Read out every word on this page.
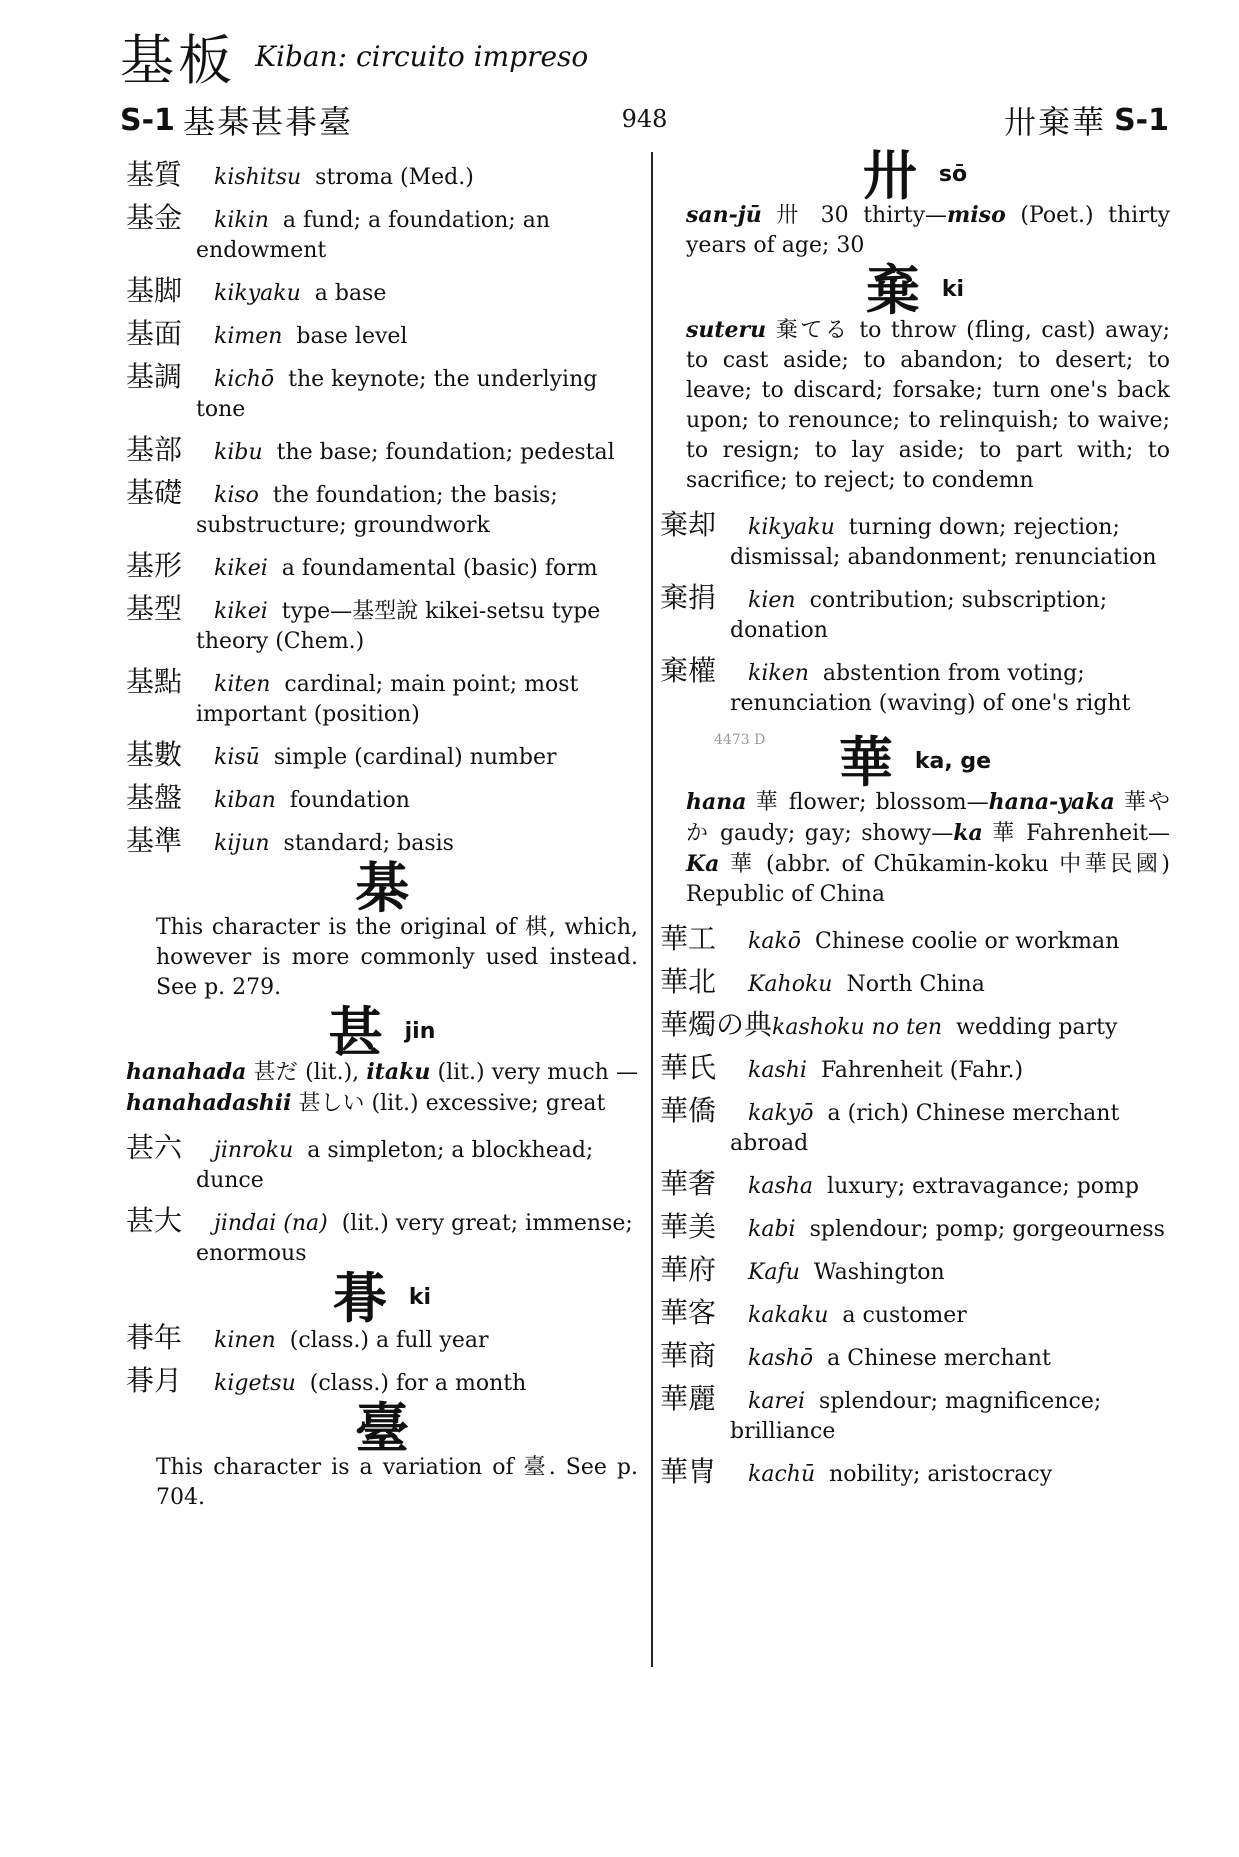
基板 Kiban: circuito impreso
S-1 基棊甚朞臺	948	卅棄華 S-1
基質 kishitsu stroma (Med.)
基金 kikin a fund; a foundation; an endowment
基脚 kikyaku a base
基面 kimen base level
基調 kichō the keynote; the underlying tone
基部 kibu the base; foundation; pedestal
基礎 kiso the foundation; the basis; substructure; groundwork
基形 kikei a foundamental (basic) form
基型 kikei type—基型說 kikei-setsu type theory (Chem.)
基點 kiten cardinal; main point; most important (position)
基數 kisū simple (cardinal) number
基盤 kiban foundation
基準 kijun standard; basis
棊
This character is the original of 棋, which, however is more commonly used instead. See p. 279.
甚 jin
hanahada 甚だ (lit.), itaku (lit.) very much — hanahadashii 甚しい (lit.) excessive; great
甚六 jinroku a simpleton; a blockhead; dunce
甚大 jindai (na) (lit.) very great; immense; enormous
朞 ki
朞年 kinen (class.) a full year
朞月 kigetsu (class.) for a month
臺
This character is a variation of 臺. See p. 704.
卅 sō
san-jū 卅 30 thirty—miso (Poet.) thirty years of age; 30
棄 ki
suteru 棄てる to throw (fling, cast) away; to cast aside; to abandon; to desert; to leave; to discard; forsake; turn one's back upon; to renounce; to relinquish; to waive; to resign; to lay aside; to part with; to sacrifice; to reject; to condemn
棄却 kikyaku turning down; rejection; dismissal; abandonment; renunciation
棄捐 kien contribution; subscription; donation
棄權 kiken abstention from voting; renunciation (waving) of one's right
4473 D	華 ka, ge
hana 華 flower; blossom—hana-yaka 華やか gaudy; gay; showy—ka 華 Fahrenheit—Ka 華 (abbr. of Chūkamin-koku 中華民國) Republic of China
華工 kakō Chinese coolie or workman
華北 Kahoku North China
華燭の典kashoku no ten wedding party
華氏 kashi Fahrenheit (Fahr.)
華僑 kakyō a (rich) Chinese merchant abroad
華奢 kasha luxury; extravagance; pomp
華美 kabi splendour; pomp; gorgeourness
華府 Kafu Washington
華客 kakaku a customer
華商 kashō a Chinese merchant
華麗 karei splendour; magnificence; brilliance
華冑 kachū nobility; aristocracy
